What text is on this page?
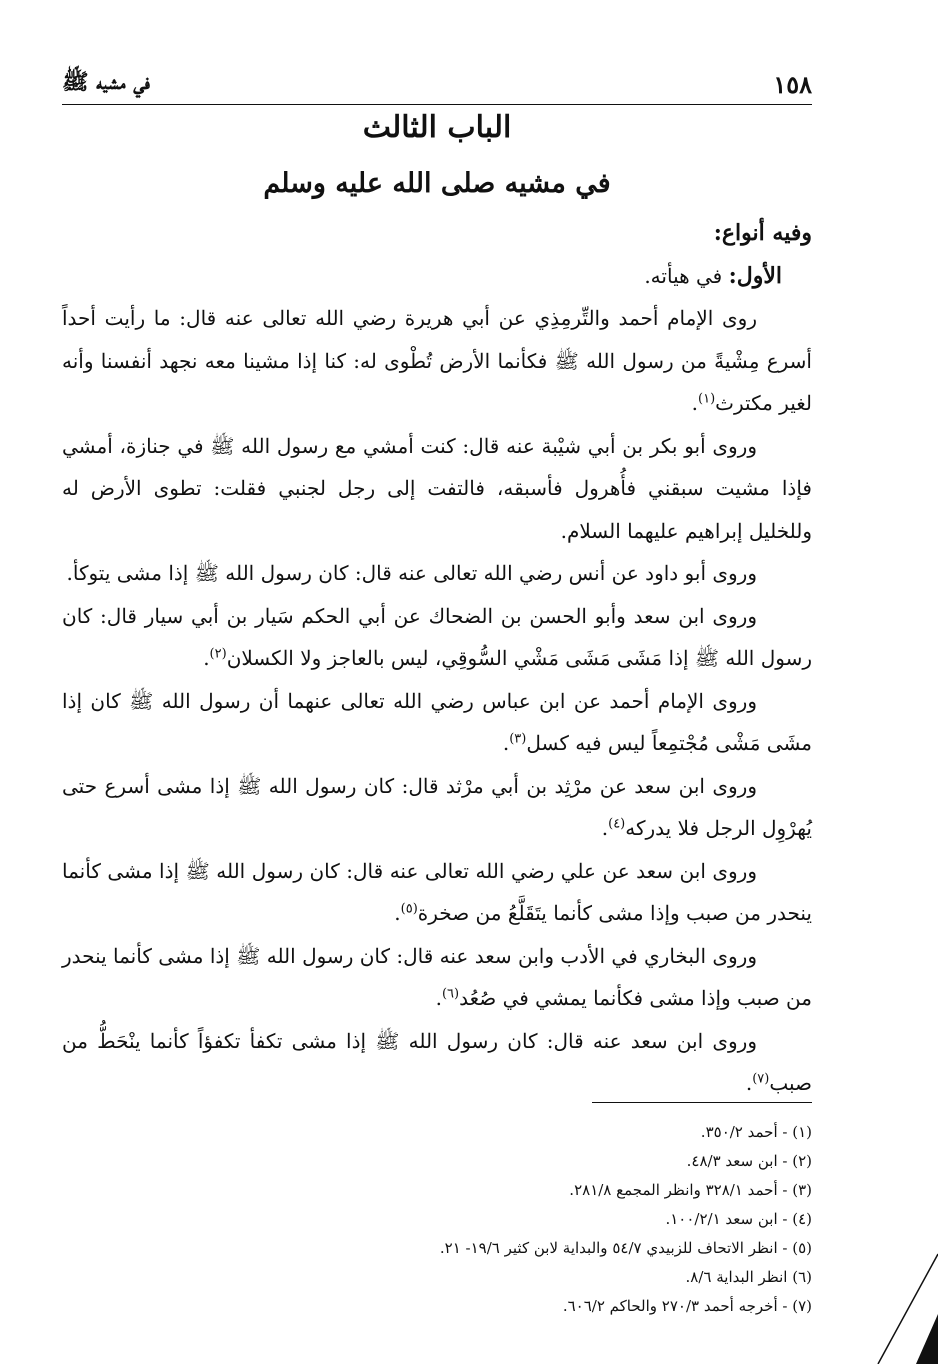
١٥٨
في مشيه ﷺ
الباب الثالث
في مشيه صلى الله عليه وسلم

وفيه أنواع:

الأول: في هيأته.

روى الإمام أحمد والتِّرمِذِي عن أبي هريرة رضي الله تعالى عنه قال: ما رأيت أحداً أسرع مِشْيةً من رسول الله ﷺ فكأنما الأرض تُطْوى له: كنا إذا مشينا معه نجهد أنفسنا وأنه لغير مكترث$^{(١)}$.

وروى أبو بكر بن أبي شيْبة عنه قال: كنت أمشي مع رسول الله ﷺ في جنازة، أمشي فإذا مشيت سبقني فأُهرول فأسبقه، فالتفت إلى رجل لجنبي فقلت: تطوى الأرض له وللخليل إبراهيم عليهما السلام.

وروى أبو داود عن أنس رضي الله تعالى عنه قال: كان رسول الله ﷺ إذا مشى يتوكأ.

وروى ابن سعد وأبو الحسن بن الضحاك عن أبي الحكم سَيار بن أبي سيار قال: كان رسول الله ﷺ إذا مَشَى مَشَى مَشْي السُّوقِي، ليس بالعاجز ولا الكسلان$^{(٢)}$.

وروى الإمام أحمد عن ابن عباس رضي الله تعالى عنهما أن رسول الله ﷺ كان إذا مشَى مَشْى مُجْتمِعاً ليس فيه كسل$^{(٣)}$.

وروى ابن سعد عن مرْثِد بن أبي مرْثد قال: كان رسول الله ﷺ إذا مشى أسرع حتى يُهرْوِل الرجل فلا يدركه$^{(٤)}$.

وروى ابن سعد عن علي رضي الله تعالى عنه قال: كان رسول الله ﷺ إذا مشى كأنما ينحدر من صبب وإذا مشى كأنما يتَقَلَّعُ من صخرة$^{(٥)}$.

وروى البخاري في الأدب وابن سعد عنه قال: كان رسول الله ﷺ إذا مشى كأنما ينحدر من صبب وإذا مشى فكأنما يمشي في صُعُد$^{(٦)}$.

وروى ابن سعد عنه قال: كان رسول الله ﷺ إذا مشى تكفأ تكفؤاً كأنما ينْحَطُّ من صبب$^{(٧)}$.

(١) - أحمد ٣٥٠/٢.
(٢) - ابن سعد ٤٨/٣.
(٣) - أحمد ٣٢٨/١ وانظر المجمع ٢٨١/٨.
(٤) - ابن سعد ١٠٠/٢/١.
(٥) - انظر الاتحاف للزبيدي ٥٤/٧ والبداية لابن كثير ١٩/٦- ٢١.
(٦) انظر البداية ٨/٦.
(٧) - أخرجه أحمد ٢٧٠/٣ والحاكم ٦٠٦/٢.
